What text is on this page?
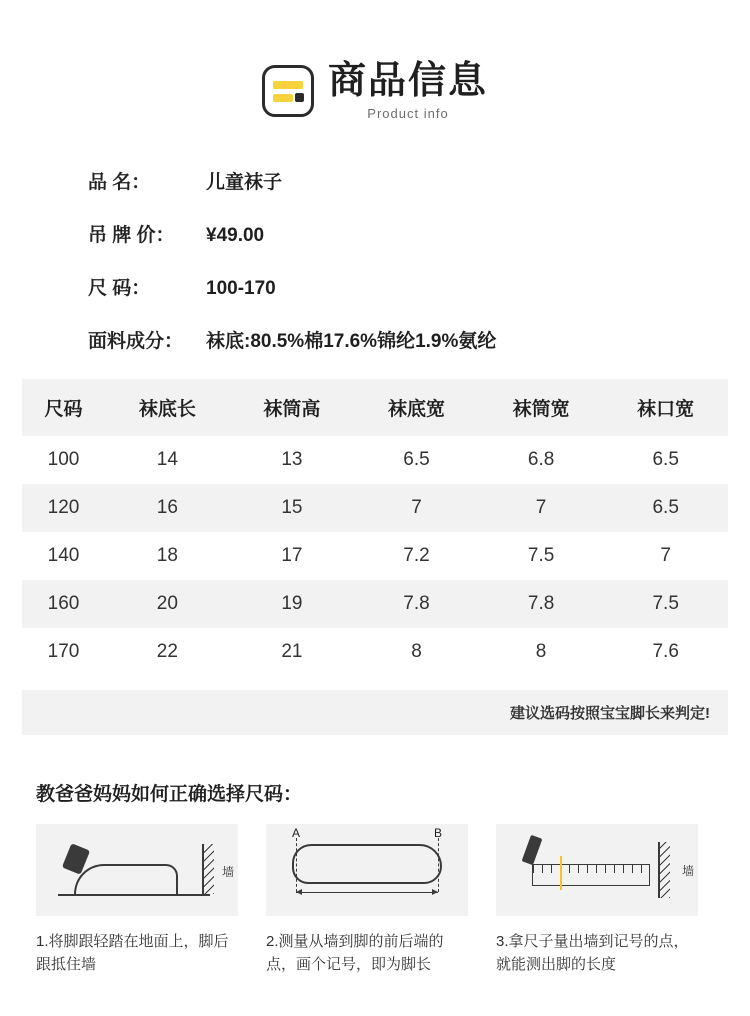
商品信息
Product info
品 名：	儿童袜子
吊 牌 价：	¥49.00
尺 码：	100-170
面料成分：	袜底:80.5%棉17.6%锦纶1.9%氨纶
尺码	袜底长	袜筒高	袜底宽	袜筒宽	袜口宽
100	14	13	6.5	6.8	6.5
120	16	15	7	7	6.5
140	18	17	7.2	7.5	7
160	20	19	7.8	7.8	7.5
170	22	21	8	8	7.6
建议选码按照宝宝脚长来判定!
教爸爸妈妈如何正确选择尺码：
墙
1.将脚跟轻踏在地面上，脚后跟抵住墙
A	B
2.测量从墙到脚的前后端的点，画个记号，即为脚长
墙
3.拿尺子量出墙到记号的点，就能测出脚的长度
